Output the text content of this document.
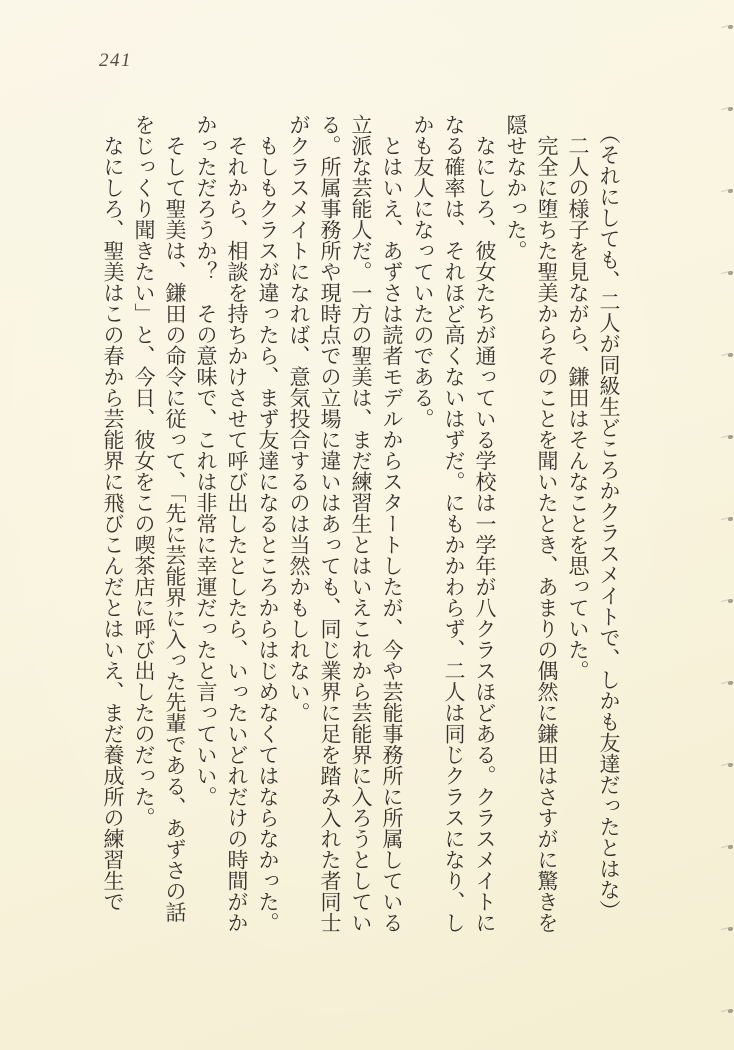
241

（それにしても、二人が同級生どころかクラスメイトで、しかも友達だったとはな）

二人の様子を見ながら、鎌田はそんなことを思っていた。

完全に堕ちた聖美からそのことを聞いたとき、あまりの偶然に鎌田はさすがに驚きを隠せなかった。

なにしろ、彼女たちが通っている学校は一学年が八クラスほどある。クラスメイトになる確率は、それほど高くないはずだ。にもかかわらず、二人は同じクラスになり、しかも友人になっていたのである。

とはいえ、あずさは読者モデルからスタートしたが、今や芸能事務所に所属している立派な芸能人だ。一方の聖美は、まだ練習生とはいえこれから芸能界に入ろうとしている。所属事務所や現時点での立場に違いはあっても、同じ業界に足を踏み入れた者同士がクラスメイトになれば、意気投合するのは当然かもしれない。

もしもクラスが違ったら、まず友達になるところからはじめなくてはならなかった。

それから、相談を持ちかけさせて呼び出したとしたら、いったいどれだけの時間がかかっただろうか？　その意味で、これは非常に幸運だったと言っていい。

そして聖美は、鎌田の命令に従って、「先に芸能界に入った先輩である、あずさの話をじっくり聞きたい」と、今日、彼女をこの喫茶店に呼び出したのだった。

なにしろ、聖美はこの春から芸能界に飛びこんだとはいえ、まだ養成所の練習生で
